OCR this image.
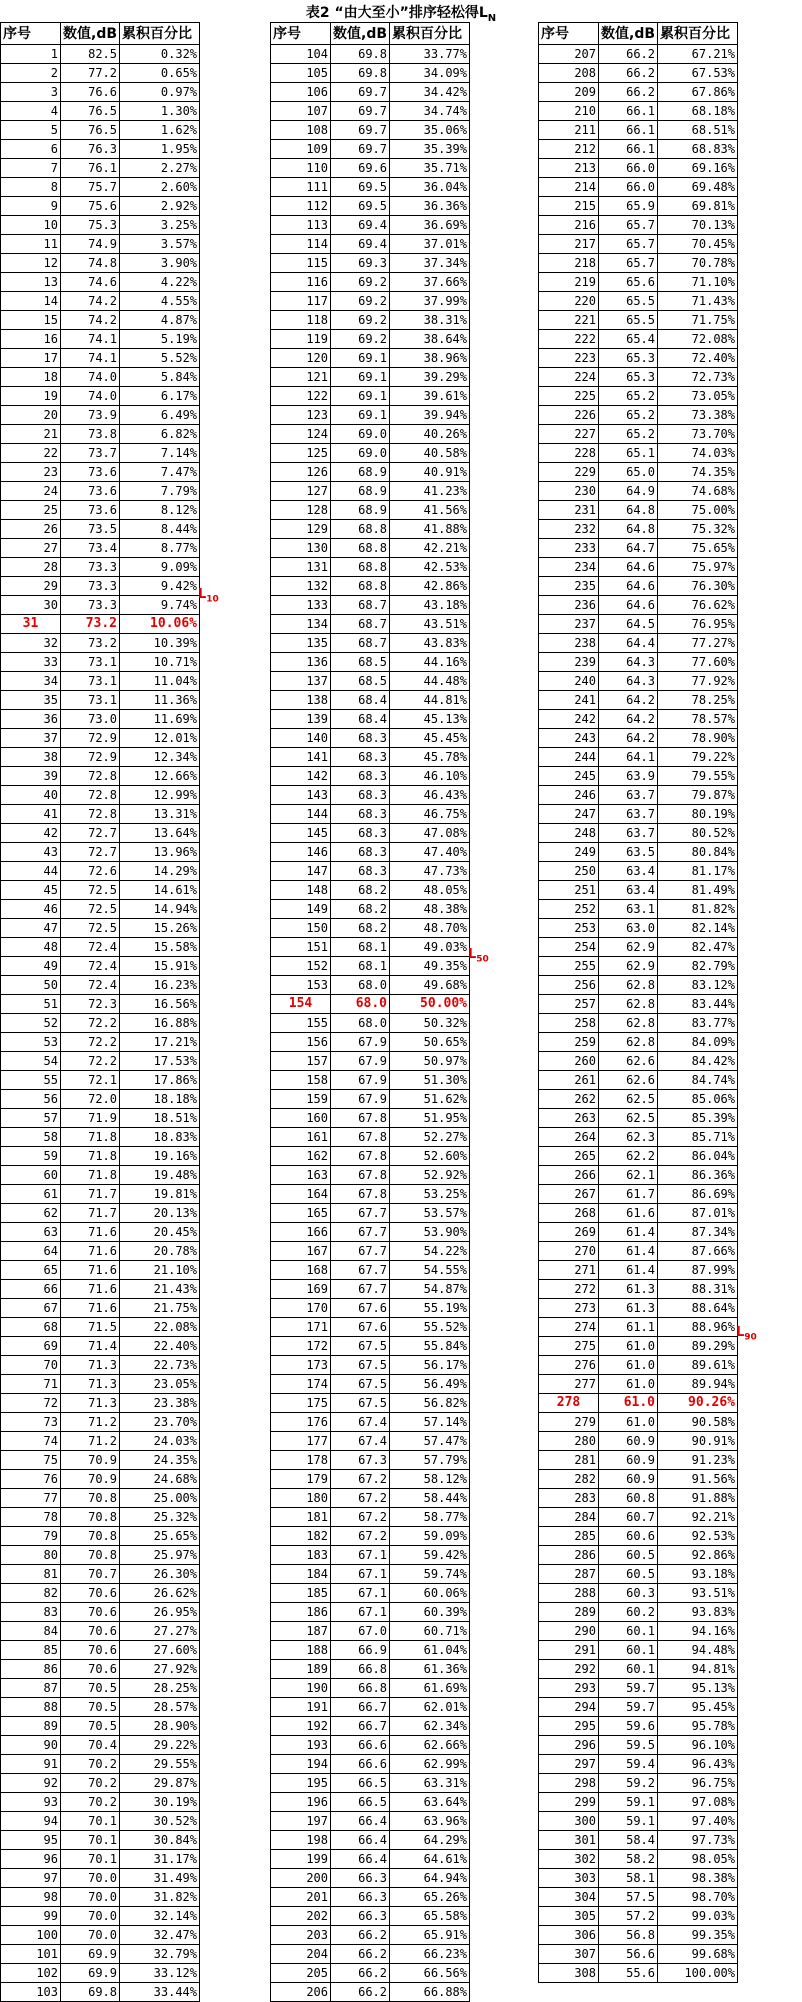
表2 “由大至小”排序轻松得$L_N$
序号	数值,dB	累积百分比
1	82.5	0.32%
2	77.2	0.65%
3	76.6	0.97%
4	76.5	1.30%
5	76.5	1.62%
6	76.3	1.95%
7	76.1	2.27%
8	75.7	2.60%
9	75.6	2.92%
10	75.3	3.25%
11	74.9	3.57%
12	74.8	3.90%
13	74.6	4.22%
14	74.2	4.55%
15	74.2	4.87%
16	74.1	5.19%
17	74.1	5.52%
18	74.0	5.84%
19	74.0	6.17%
20	73.9	6.49%
21	73.8	6.82%
22	73.7	7.14%
23	73.6	7.47%
24	73.6	7.79%
25	73.6	8.12%
26	73.5	8.44%
27	73.4	8.77%
28	73.3	9.09%
29	73.3	9.42%
30	73.3	9.74%
31	73.2	10.06%
32	73.2	10.39%
33	73.1	10.71%
34	73.1	11.04%
35	73.1	11.36%
36	73.0	11.69%
37	72.9	12.01%
38	72.9	12.34%
39	72.8	12.66%
40	72.8	12.99%
41	72.8	13.31%
42	72.7	13.64%
43	72.7	13.96%
44	72.6	14.29%
45	72.5	14.61%
46	72.5	14.94%
47	72.5	15.26%
48	72.4	15.58%
49	72.4	15.91%
50	72.4	16.23%
51	72.3	16.56%
52	72.2	16.88%
53	72.2	17.21%
54	72.2	17.53%
55	72.1	17.86%
56	72.0	18.18%
57	71.9	18.51%
58	71.8	18.83%
59	71.8	19.16%
60	71.8	19.48%
61	71.7	19.81%
62	71.7	20.13%
63	71.6	20.45%
64	71.6	20.78%
65	71.6	21.10%
66	71.6	21.43%
67	71.6	21.75%
68	71.5	22.08%
69	71.4	22.40%
70	71.3	22.73%
71	71.3	23.05%
72	71.3	23.38%
73	71.2	23.70%
74	71.2	24.03%
75	70.9	24.35%
76	70.9	24.68%
77	70.8	25.00%
78	70.8	25.32%
79	70.8	25.65%
80	70.8	25.97%
81	70.7	26.30%
82	70.6	26.62%
83	70.6	26.95%
84	70.6	27.27%
85	70.6	27.60%
86	70.6	27.92%
87	70.5	28.25%
88	70.5	28.57%
89	70.5	28.90%
90	70.4	29.22%
91	70.2	29.55%
92	70.2	29.87%
93	70.2	30.19%
94	70.1	30.52%
95	70.1	30.84%
96	70.1	31.17%
97	70.0	31.49%
98	70.0	31.82%
99	70.0	32.14%
100	70.0	32.47%
101	69.9	32.79%
102	69.9	33.12%
103	69.8	33.44%
$L_{10}$
序号	数值,dB	累积百分比
104	69.8	33.77%
105	69.8	34.09%
106	69.7	34.42%
107	69.7	34.74%
108	69.7	35.06%
109	69.7	35.39%
110	69.6	35.71%
111	69.5	36.04%
112	69.5	36.36%
113	69.4	36.69%
114	69.4	37.01%
115	69.3	37.34%
116	69.2	37.66%
117	69.2	37.99%
118	69.2	38.31%
119	69.2	38.64%
120	69.1	38.96%
121	69.1	39.29%
122	69.1	39.61%
123	69.1	39.94%
124	69.0	40.26%
125	69.0	40.58%
126	68.9	40.91%
127	68.9	41.23%
128	68.9	41.56%
129	68.8	41.88%
130	68.8	42.21%
131	68.8	42.53%
132	68.8	42.86%
133	68.7	43.18%
134	68.7	43.51%
135	68.7	43.83%
136	68.5	44.16%
137	68.5	44.48%
138	68.4	44.81%
139	68.4	45.13%
140	68.3	45.45%
141	68.3	45.78%
142	68.3	46.10%
143	68.3	46.43%
144	68.3	46.75%
145	68.3	47.08%
146	68.3	47.40%
147	68.3	47.73%
148	68.2	48.05%
149	68.2	48.38%
150	68.2	48.70%
151	68.1	49.03%
152	68.1	49.35%
153	68.0	49.68%
154	68.0	50.00%
155	68.0	50.32%
156	67.9	50.65%
157	67.9	50.97%
158	67.9	51.30%
159	67.9	51.62%
160	67.8	51.95%
161	67.8	52.27%
162	67.8	52.60%
163	67.8	52.92%
164	67.8	53.25%
165	67.7	53.57%
166	67.7	53.90%
167	67.7	54.22%
168	67.7	54.55%
169	67.7	54.87%
170	67.6	55.19%
171	67.6	55.52%
172	67.5	55.84%
173	67.5	56.17%
174	67.5	56.49%
175	67.5	56.82%
176	67.4	57.14%
177	67.4	57.47%
178	67.3	57.79%
179	67.2	58.12%
180	67.2	58.44%
181	67.2	58.77%
182	67.2	59.09%
183	67.1	59.42%
184	67.1	59.74%
185	67.1	60.06%
186	67.1	60.39%
187	67.0	60.71%
188	66.9	61.04%
189	66.8	61.36%
190	66.8	61.69%
191	66.7	62.01%
192	66.7	62.34%
193	66.6	62.66%
194	66.6	62.99%
195	66.5	63.31%
196	66.5	63.64%
197	66.4	63.96%
198	66.4	64.29%
199	66.4	64.61%
200	66.3	64.94%
201	66.3	65.26%
202	66.3	65.58%
203	66.2	65.91%
204	66.2	66.23%
205	66.2	66.56%
206	66.2	66.88%
$L_{50}$
序号	数值,dB	累积百分比
207	66.2	67.21%
208	66.2	67.53%
209	66.2	67.86%
210	66.1	68.18%
211	66.1	68.51%
212	66.1	68.83%
213	66.0	69.16%
214	66.0	69.48%
215	65.9	69.81%
216	65.7	70.13%
217	65.7	70.45%
218	65.7	70.78%
219	65.6	71.10%
220	65.5	71.43%
221	65.5	71.75%
222	65.4	72.08%
223	65.3	72.40%
224	65.3	72.73%
225	65.2	73.05%
226	65.2	73.38%
227	65.2	73.70%
228	65.1	74.03%
229	65.0	74.35%
230	64.9	74.68%
231	64.8	75.00%
232	64.8	75.32%
233	64.7	75.65%
234	64.6	75.97%
235	64.6	76.30%
236	64.6	76.62%
237	64.5	76.95%
238	64.4	77.27%
239	64.3	77.60%
240	64.3	77.92%
241	64.2	78.25%
242	64.2	78.57%
243	64.2	78.90%
244	64.1	79.22%
245	63.9	79.55%
246	63.7	79.87%
247	63.7	80.19%
248	63.7	80.52%
249	63.5	80.84%
250	63.4	81.17%
251	63.4	81.49%
252	63.1	81.82%
253	63.0	82.14%
254	62.9	82.47%
255	62.9	82.79%
256	62.8	83.12%
257	62.8	83.44%
258	62.8	83.77%
259	62.8	84.09%
260	62.6	84.42%
261	62.6	84.74%
262	62.5	85.06%
263	62.5	85.39%
264	62.3	85.71%
265	62.2	86.04%
266	62.1	86.36%
267	61.7	86.69%
268	61.6	87.01%
269	61.4	87.34%
270	61.4	87.66%
271	61.4	87.99%
272	61.3	88.31%
273	61.3	88.64%
274	61.1	88.96%
275	61.0	89.29%
276	61.0	89.61%
277	61.0	89.94%
278	61.0	90.26%
279	61.0	90.58%
280	60.9	90.91%
281	60.9	91.23%
282	60.9	91.56%
283	60.8	91.88%
284	60.7	92.21%
285	60.6	92.53%
286	60.5	92.86%
287	60.5	93.18%
288	60.3	93.51%
289	60.2	93.83%
290	60.1	94.16%
291	60.1	94.48%
292	60.1	94.81%
293	59.7	95.13%
294	59.7	95.45%
295	59.6	95.78%
296	59.5	96.10%
297	59.4	96.43%
298	59.2	96.75%
299	59.1	97.08%
300	59.1	97.40%
301	58.4	97.73%
302	58.2	98.05%
303	58.1	98.38%
304	57.5	98.70%
305	57.2	99.03%
306	56.8	99.35%
307	56.6	99.68%
308	55.6	100.00%
$L_{90}$
